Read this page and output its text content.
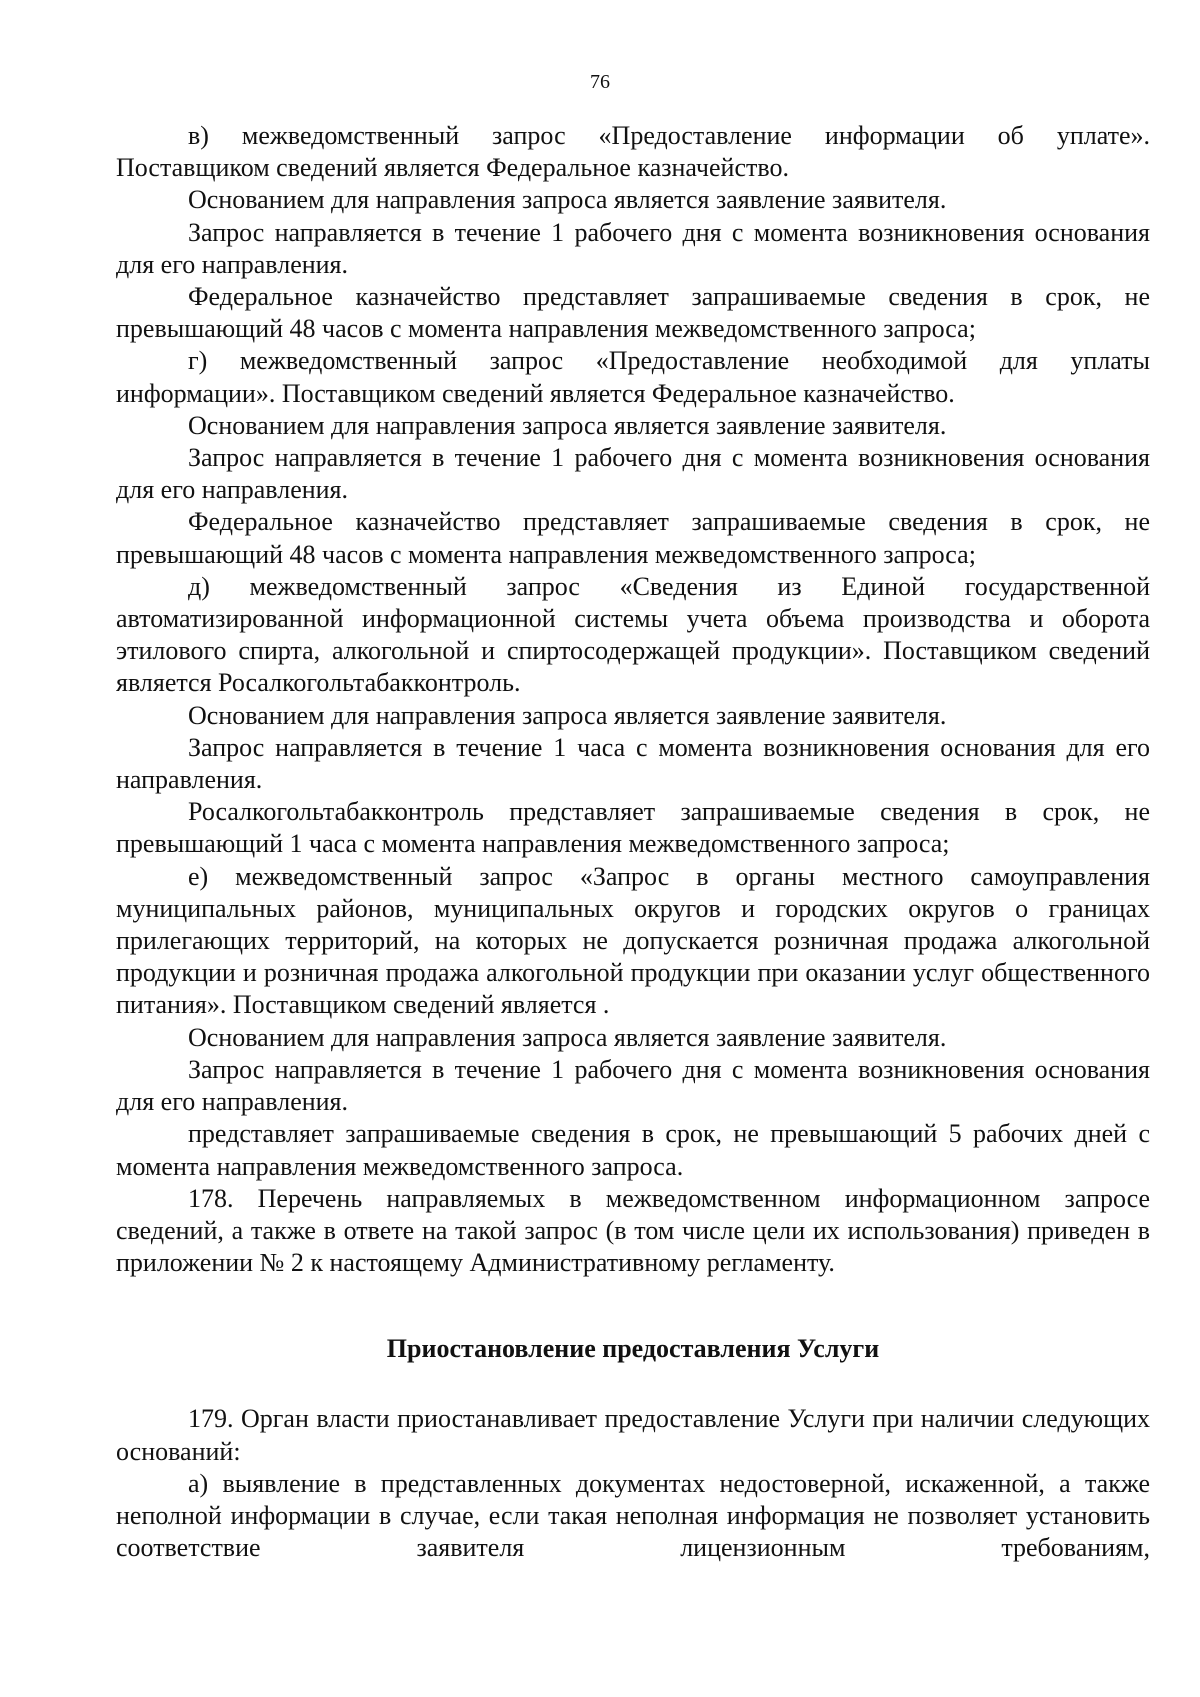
76

в) межведомственный запрос «Предоставление информации об уплате». Поставщиком сведений является Федеральное казначейство.

Основанием для направления запроса является заявление заявителя.

Запрос направляется в течение 1 рабочего дня с момента возникновения основания для его направления.

Федеральное казначейство представляет запрашиваемые сведения в срок, не превышающий 48 часов с момента направления межведомственного запроса;

г) межведомственный запрос «Предоставление необходимой для уплаты информации». Поставщиком сведений является Федеральное казначейство.

Основанием для направления запроса является заявление заявителя.

Запрос направляется в течение 1 рабочего дня с момента возникновения основания для его направления.

Федеральное казначейство представляет запрашиваемые сведения в срок, не превышающий 48 часов с момента направления межведомственного запроса;

д) межведомственный запрос «Сведения из Единой государственной автоматизированной информационной системы учета объема производства и оборота этилового спирта, алкогольной и спиртосодержащей продукции». Поставщиком сведений является Росалкогольтабакконтроль.

Основанием для направления запроса является заявление заявителя.

Запрос направляется в течение 1 часа с момента возникновения основания для его направления.

Росалкогольтабакконтроль представляет запрашиваемые сведения в срок, не превышающий 1 часа с момента направления межведомственного запроса;

е) межведомственный запрос «Запрос в органы местного самоуправления муниципальных районов, муниципальных округов и городских округов о границах прилегающих территорий, на которых не допускается розничная продажа алкогольной продукции и розничная продажа алкогольной продукции при оказании услуг общественного питания». Поставщиком сведений является .

Основанием для направления запроса является заявление заявителя.

Запрос направляется в течение 1 рабочего дня с момента возникновения основания для его направления.

представляет запрашиваемые сведения в срок, не превышающий 5 рабочих дней с момента направления межведомственного запроса.

178. Перечень направляемых в межведомственном информационном запросе сведений, а также в ответе на такой запрос (в том числе цели их использования) приведен в приложении № 2 к настоящему Административному регламенту.

Приостановление предоставления Услуги

179. Орган власти приостанавливает предоставление Услуги при наличии следующих оснований:

а) выявление в представленных документах недостоверной, искаженной, а также неполной информации в случае, если такая неполная информация не позволяет установить соответствие заявителя лицензионным требованиям,
